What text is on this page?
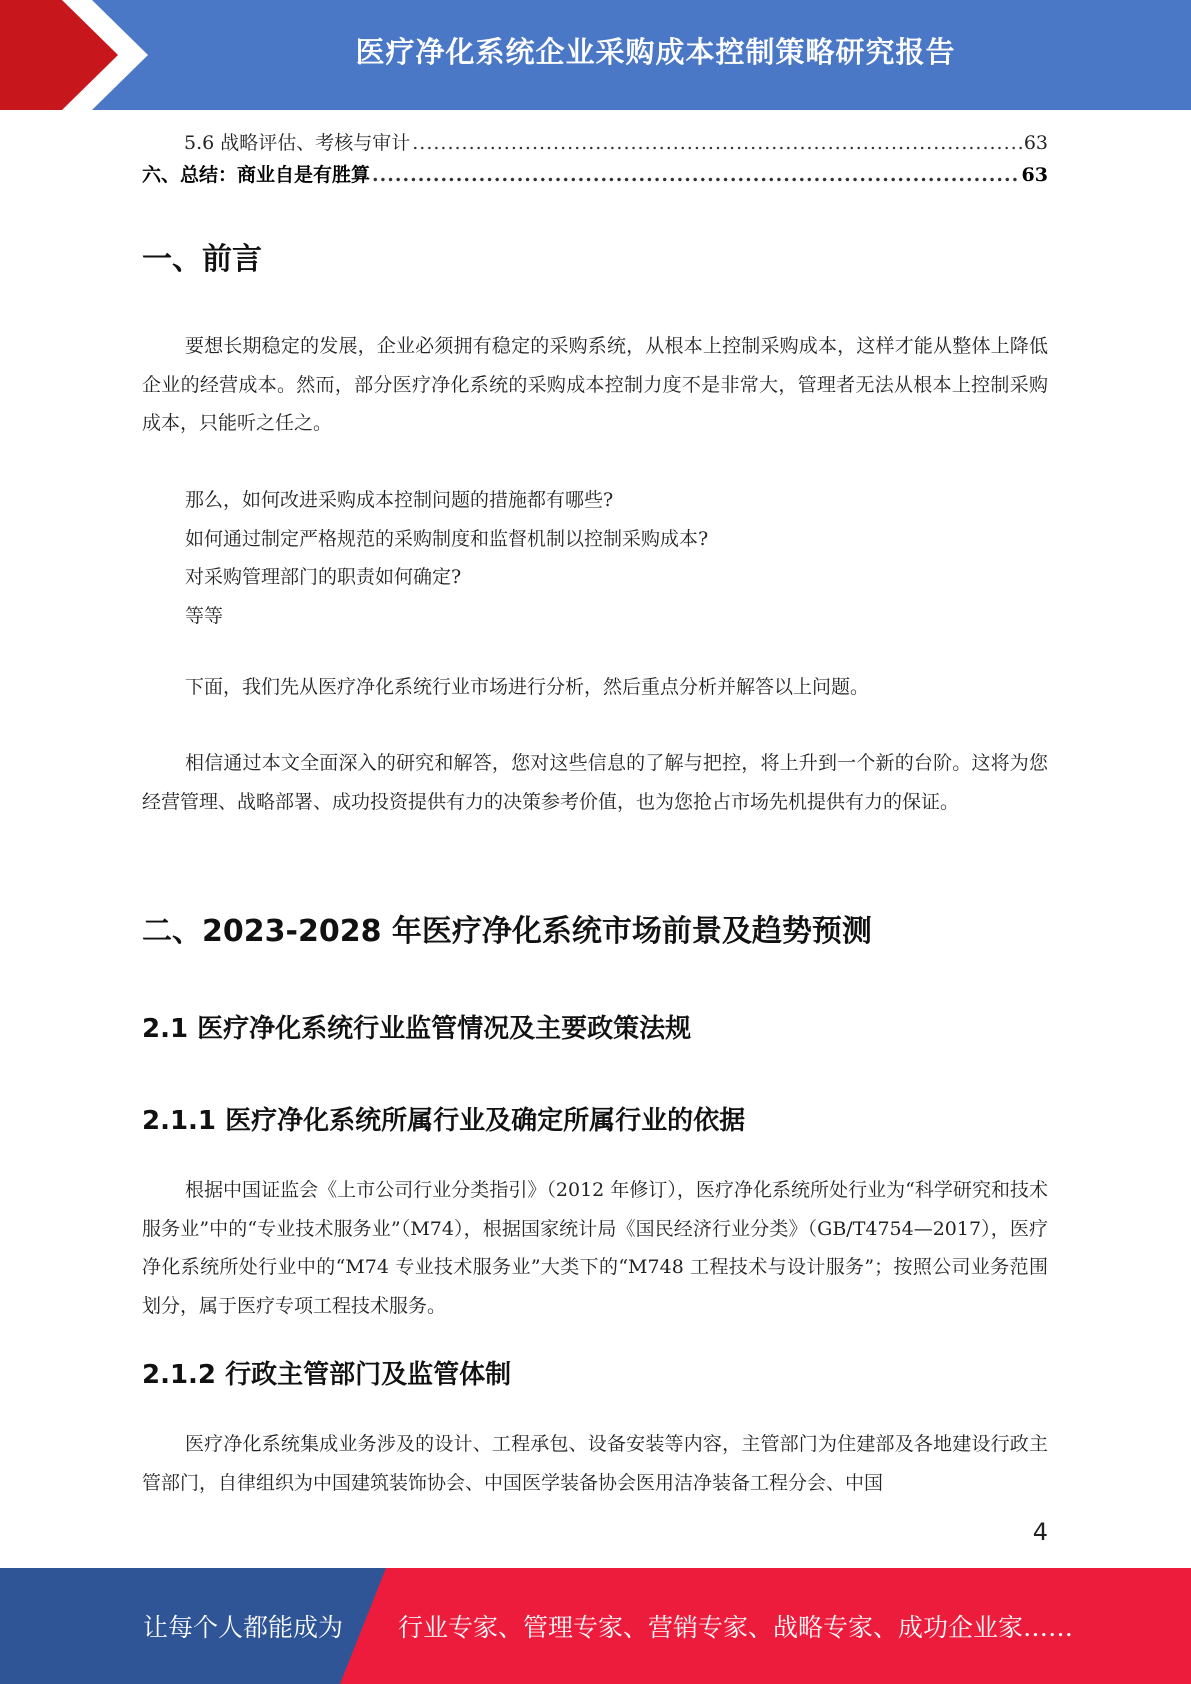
医疗净化系统企业采购成本控制策略研究报告
5.6 战略评估、考核与审计 .....	63
六、总结：商业自是有胜算 .....	63
一、前言

要想长期稳定的发展，企业必须拥有稳定的采购系统，从根本上控制采购成本，这样才能从整体上降低企业的经营成本。然而，部分医疗净化系统的采购成本控制力度不是非常大，管理者无法从根本上控制采购成本，只能听之任之。

那么，如何改进采购成本控制问题的措施都有哪些?
如何通过制定严格规范的采购制度和监督机制以控制采购成本?
对采购管理部门的职责如何确定?
等等

下面，我们先从医疗净化系统行业市场进行分析，然后重点分析并解答以上问题。

相信通过本文全面深入的研究和解答，您对这些信息的了解与把控，将上升到一个新的台阶。这将为您经营管理、战略部署、成功投资提供有力的决策参考价值，也为您抢占市场先机提供有力的保证。

二、2023-2028 年医疗净化系统市场前景及趋势预测
2.1 医疗净化系统行业监管情况及主要政策法规
2.1.1 医疗净化系统所属行业及确定所属行业的依据

根据中国证监会《上市公司行业分类指引》（2012 年修订），医疗净化系统所处行业为“科学研究和技术服务业”中的“专业技术服务业”（M74），根据国家统计局《国民经济行业分类》（GB/T4754—2017），医疗净化系统所处行业中的“M74 专业技术服务业”大类下的“M748 工程技术与设计服务”；按照公司业务范围划分，属于医疗专项工程技术服务。

2.1.2 行政主管部门及监管体制

医疗净化系统集成业务涉及的设计、工程承包、设备安装等内容，主管部门为住建部及各地建设行政主管部门，自律组织为中国建筑装饰协会、中国医学装备协会医用洁净装备工程分会、中国

4
让每个人都能成为 行业专家、管理专家、营销专家、战略专家、成功企业家……
